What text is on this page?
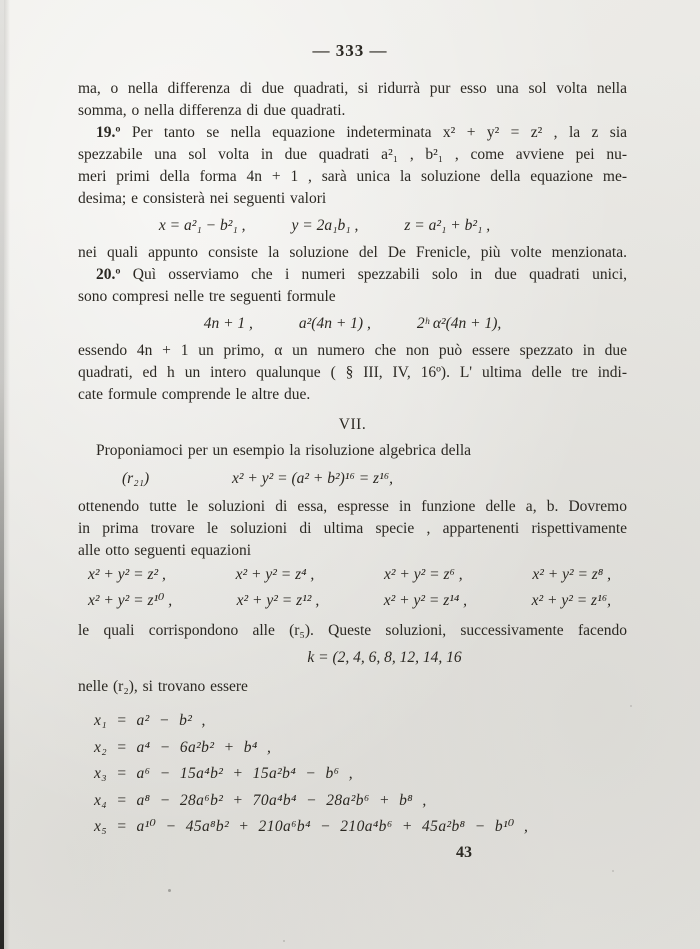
— 333 —
ma, o nella differenza di due quadrati, si ridurrà pur esso una sol volta nella
somma, o nella differenza di due quadrati.
19.º Per tanto se nella equazione indeterminata x² + y² = z² , la z sia
spezzabile una sol volta in due quadrati a²₁ , b²₁ , come avviene pei nu-
meri primi della forma 4n + 1 , sarà unica la soluzione della equazione me-
desima; e consisterà nei seguenti valori
x = a²₁ − b²₁ ,	y = 2a₁b₁ ,	z = a²₁ + b²₁ ,
nei quali appunto consiste la soluzione del De Frenicle, più volte menzionata.
20.º Quì osserviamo che i numeri spezzabili solo in due quadrati unici,
sono compresi nelle tre seguenti formule
4n + 1 ,	a²(4n + 1) ,	2ʰ α²(4n + 1),
essendo 4n + 1 un primo, α un numero che non può essere spezzato in due
quadrati, ed h un intero qualunque ( § III, IV, 16º). L' ultima delle tre indi-
cate formule comprende le altre due.
VII.
Proponiamoci per un esempio la risoluzione algebrica della
(r₂₁)	x² + y² = (a² + b²)¹⁶ = z¹⁶,
ottenendo tutte le soluzioni di essa, espresse in funzione delle a, b. Dovremo
in prima trovare le soluzioni di ultima specie , appartenenti rispettivamente
alle otto seguenti equazioni
x² + y² = z² ,	x² + y² = z⁴ ,	x² + y² = z⁶ ,	x² + y² = z⁸ ,
x² + y² = z¹⁰ ,	x² + y² = z¹² ,	x² + y² = z¹⁴ ,	x² + y² = z¹⁶,
le quali corrispondono alle (r₅). Queste soluzioni, successivamente facendo
k = (2, 4, 6, 8, 12, 14, 16
nelle (r₂), si trovano essere
x₁ = a² − b² ,
x₂ = a⁴ − 6a²b² + b⁴ ,
x₃ = a⁶ − 15a⁴b² + 15a²b⁴ − b⁶ ,
x₄ = a⁸ − 28a⁶b² + 70a⁴b⁴ − 28a²b⁶ + b⁸ ,
x₅ = a¹⁰ − 45a⁸b² + 210a⁶b⁴ − 210a⁴b⁶ + 45a²b⁸ − b¹⁰ ,
43
